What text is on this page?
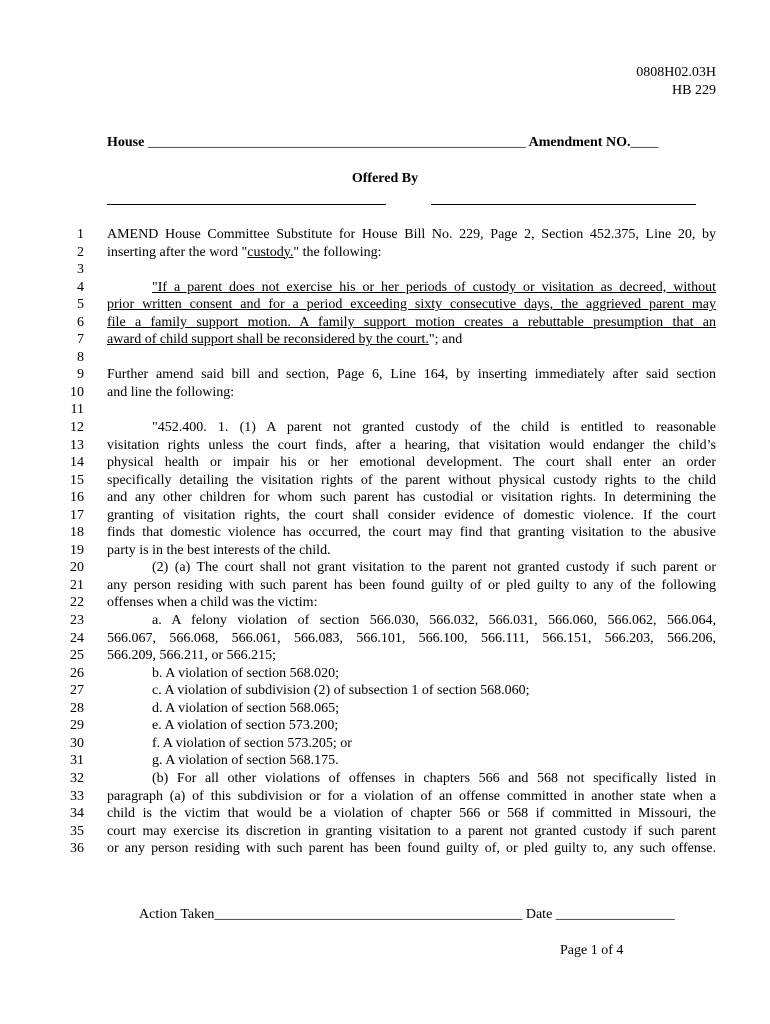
0808H02.03H
HB 229
House ______________________________________________________ Amendment NO.____
Offered By
1 AMEND House Committee Substitute for House Bill No. 229, Page 2, Section 452.375, Line 20, by
2 inserting after the word "custody." the following:
3
4	"If a parent does not exercise his or her periods of custody or visitation as decreed, without
5 prior written consent and for a period exceeding sixty consecutive days, the aggrieved parent may
6 file a family support motion. A family support motion creates a rebuttable presumption that an
7 award of child support shall be reconsidered by the court."; and
8
9 Further amend said bill and section, Page 6, Line 164, by inserting immediately after said section
10 and line the following:
11
12	"452.400. 1. (1) A parent not granted custody of the child is entitled to reasonable
13 visitation rights unless the court finds, after a hearing, that visitation would endanger the child’s
14 physical health or impair his or her emotional development. The court shall enter an order
15 specifically detailing the visitation rights of the parent without physical custody rights to the child
16 and any other children for whom such parent has custodial or visitation rights. In determining the
17 granting of visitation rights, the court shall consider evidence of domestic violence. If the court
18 finds that domestic violence has occurred, the court may find that granting visitation to the abusive
19 party is in the best interests of the child.
20	(2) (a) The court shall not grant visitation to the parent not granted custody if such parent or
21 any person residing with such parent has been found guilty of or pled guilty to any of the following
22 offenses when a child was the victim:
23	a. A felony violation of section 566.030, 566.032, 566.031, 566.060, 566.062, 566.064,
24 566.067, 566.068, 566.061, 566.083, 566.101, 566.100, 566.111, 566.151, 566.203, 566.206,
25 566.209, 566.211, or 566.215;
26	b. A violation of section 568.020;
27	c. A violation of subdivision (2) of subsection 1 of section 568.060;
28	d. A violation of section 568.065;
29	e. A violation of section 573.200;
30	f. A violation of section 573.205; or
31	g. A violation of section 568.175.
32	(b) For all other violations of offenses in chapters 566 and 568 not specifically listed in
33 paragraph (a) of this subdivision or for a violation of an offense committed in another state when a
34 child is the victim that would be a violation of chapter 566 or 568 if committed in Missouri, the
35 court may exercise its discretion in granting visitation to a parent not granted custody if such parent
36 or any person residing with such parent has been found guilty of, or pled guilty to, any such offense.
Action Taken____________________________________________ Date _________________
Page 1 of 4
